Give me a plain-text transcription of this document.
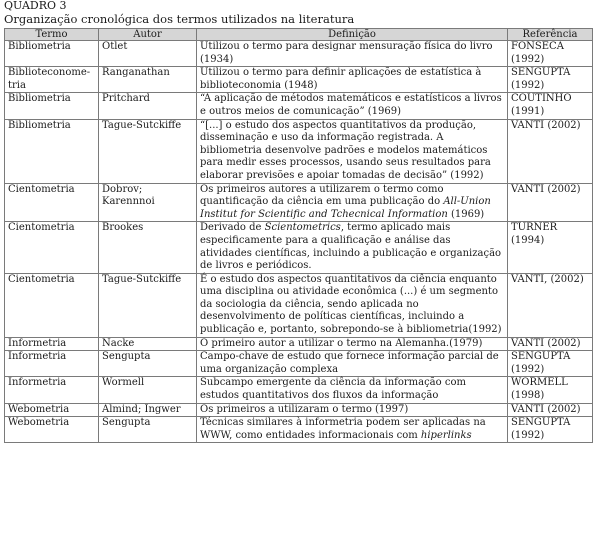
QUADRO 3
Organização cronológica dos termos utilizados na literatura
Termo	Autor	Definição	Referência
Bibliometria	Otlet	Utilizou o termo para designar mensuração física do livro (1934)	FONSECA (1992)
Biblioteconome-tria	Ranganathan	Utilizou o termo para definir aplicações de estatística à biblioteconomia (1948)	SENGUPTA (1992)
Bibliometria	Pritchard	“A aplicação de métodos matemáticos e estatísticos a livros e outros meios de comunicação” (1969)	COUTINHO (1991)
Bibliometria	Tague-Sutckiffe	“[...] o estudo dos aspectos quantitativos da produção, disseminação e uso da informação registrada. A bibliometria desenvolve padrões e modelos matemáticos para medir esses processos, usando seus resultados para elaborar previsões e apoiar tomadas de decisão” (1992)	VANTI (2002)
Cientometria	Dobrov; Karennnoi	Os primeiros autores a utilizarem o termo como quantificação da ciência em uma publicação do All-Union Institut for Scientific and Tchecnical Information (1969)	VANTI (2002)
Cientometria	Brookes	Derivado de Scientometrics, termo aplicado mais especificamente para a qualificação e análise das atividades científicas, incluindo a publicação e organização de livros e periódicos.	TURNER (1994)
Cientometria	Tague-Sutckiffe	É o estudo dos aspectos quantitativos da ciência enquanto uma disciplina ou atividade econômica (...) é um segmento da sociologia da ciência, sendo aplicada no desenvolvimento de políticas científicas, incluindo a publicação e, portanto, sobrepondo-se à bibliometria(1992)	VANTI, (2002)
Informetria	Nacke	O primeiro autor a utilizar o termo na Alemanha.(1979)	VANTI (2002)
Informetria	Sengupta	Campo-chave de estudo que fornece informação parcial de uma organização complexa	SENGUPTA (1992)
Informetria	Wormell	Subcampo emergente da ciência da informação com estudos quantitativos dos fluxos da informação	WORMELL (1998)
Webometria	Almind; Ingwer	Os primeiros a utilizaram o termo (1997)	VANTI (2002)
Webometria	Sengupta	Técnicas similares à informetria podem ser aplicadas na WWW, como entidades informacionais com hiperlinks	SENGUPTA (1992)
